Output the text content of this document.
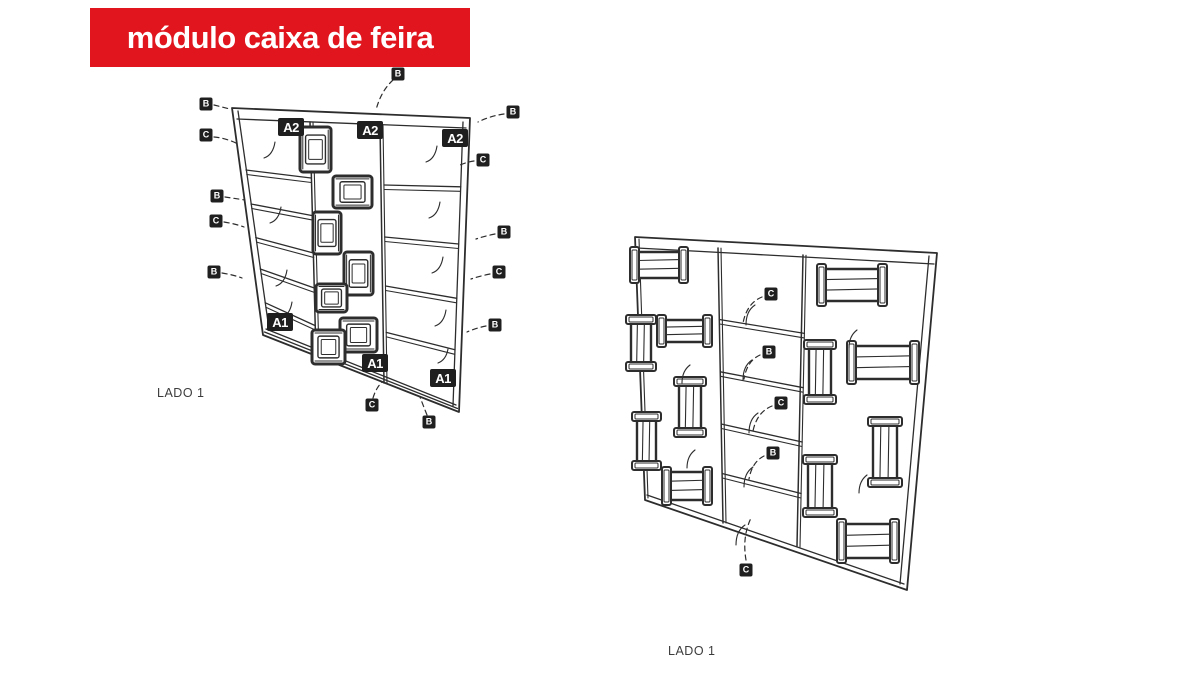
módulo caixa de feira
B
B
C
B
C
A2	A2
A2
B
C
B
B	C
B
A1
A1
A1
C
B
C
B
C
B
C
LADO 1
LADO 1
